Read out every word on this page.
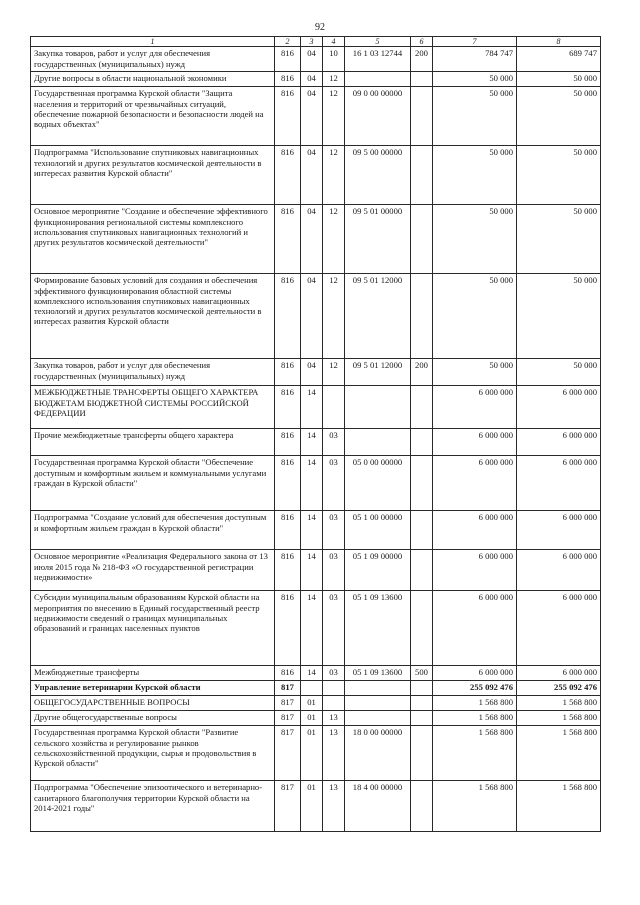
92
1	2	3	4	5	6	7	8
Закупка товаров, работ и услуг для обеспечения государственных (муниципальных) нужд	816	04	10	16 1 03 12744	200	784 747	689 747
Другие вопросы в области национальной экономики	816	04	12			50 000	50 000
Государственная программа Курской области "Защита населения и территорий от чрезвычайных ситуаций, обеспечение пожарной безопасности и безопасности людей на водных объектах"	816	04	12	09 0 00 00000		50 000	50 000
Подпрограмма "Использование спутниковых навигационных технологий и других результатов космической деятельности в интересах развития Курской области"	816	04	12	09 5 00 00000		50 000	50 000
Основное мероприятие "Создание и обеспечение эффективного функционирования региональной системы комплексного использования спутниковых навигационных технологий и других результатов космической деятельности"	816	04	12	09 5 01 00000		50 000	50 000
Формирование базовых условий для создания и обеспечения эффективного функционирования областной системы комплексного использования спутниковых навигационных технологий и других результатов космической деятельности в интересах развития Курской области	816	04	12	09 5 01 12000		50 000	50 000
Закупка товаров, работ и услуг для обеспечения государственных (муниципальных) нужд	816	04	12	09 5 01 12000	200	50 000	50 000
МЕЖБЮДЖЕТНЫЕ ТРАНСФЕРТЫ ОБЩЕГО ХАРАКТЕРА БЮДЖЕТАМ БЮДЖЕТНОЙ СИСТЕМЫ РОССИЙСКОЙ ФЕДЕРАЦИИ	816	14				6 000 000	6 000 000
Прочие межбюджетные трансферты общего характера	816	14	03			6 000 000	6 000 000
Государственная программа Курской области "Обеспечение доступным и комфортным жильем и коммунальными услугами граждан в Курской области"	816	14	03	05 0 00 00000		6 000 000	6 000 000
Подпрограмма "Создание условий для обеспечения доступным и комфортным жильем граждан в Курской области"	816	14	03	05 1 00 00000		6 000 000	6 000 000
Основное мероприятие «Реализация Федерального закона от 13 июля 2015 года № 218-ФЗ «О государственной регистрации недвижимости»	816	14	03	05 1 09 00000		6 000 000	6 000 000
Субсидии муниципальным образованиям Курской области на мероприятия по внесению в Единый государственный реестр недвижимости сведений о границах муниципальных образований и границах населенных пунктов	816	14	03	05 1 09 13600		6 000 000	6 000 000
Межбюджетные трансферты	816	14	03	05 1 09 13600	500	6 000 000	6 000 000
Управление ветеринарии Курской области	817					255 092 476	255 092 476
ОБЩЕГОСУДАРСТВЕННЫЕ ВОПРОСЫ	817	01				1 568 800	1 568 800
Другие общегосударственные вопросы	817	01	13			1 568 800	1 568 800
Государственная программа Курской области "Развитие сельского хозяйства и регулирование рынков сельскохозяйственной продукции, сырья и продовольствия в Курской области"	817	01	13	18 0 00 00000		1 568 800	1 568 800
Подпрограмма "Обеспечение эпизоотического и ветеринарно-санитарного благополучия территории Курской области на 2014-2021 годы"	817	01	13	18 4 00 00000		1 568 800	1 568 800
